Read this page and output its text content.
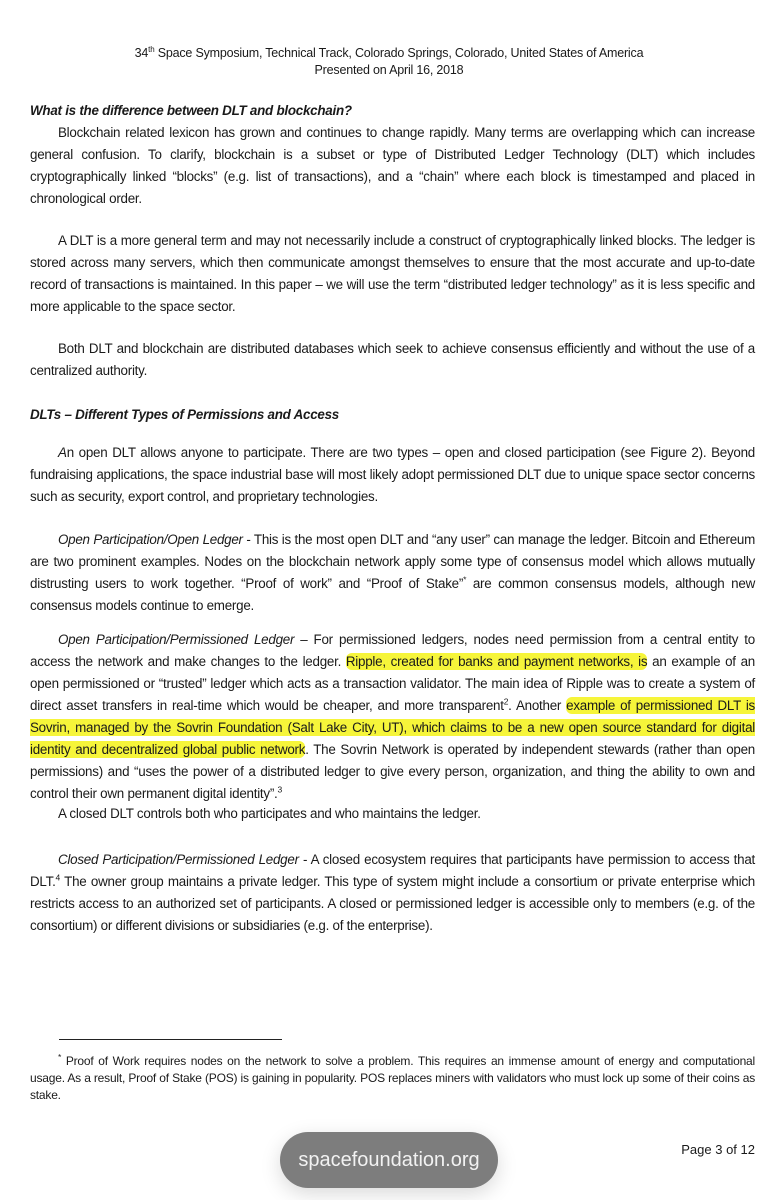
34th Space Symposium, Technical Track, Colorado Springs, Colorado, United States of America
Presented on April 16, 2018

What is the difference between DLT and blockchain?

Blockchain related lexicon has grown and continues to change rapidly. Many terms are overlapping which can increase general confusion. To clarify, blockchain is a subset or type of Distributed Ledger Technology (DLT) which includes cryptographically linked “blocks” (e.g. list of transactions), and a “chain” where each block is timestamped and placed in chronological order.

A DLT is a more general term and may not necessarily include a construct of cryptographically linked blocks. The ledger is stored across many servers, which then communicate amongst themselves to ensure that the most accurate and up-to-date record of transactions is maintained. In this paper – we will use the term “distributed ledger technology” as it is less specific and more applicable to the space sector.

Both DLT and blockchain are distributed databases which seek to achieve consensus efficiently and without the use of a centralized authority.

DLTs – Different Types of Permissions and Access

An open DLT allows anyone to participate. There are two types – open and closed participation (see Figure 2). Beyond fundraising applications, the space industrial base will most likely adopt permissioned DLT due to unique space sector concerns such as security, export control, and proprietary technologies.

Open Participation/Open Ledger - This is the most open DLT and “any user” can manage the ledger. Bitcoin and Ethereum are two prominent examples. Nodes on the blockchain network apply some type of consensus model which allows mutually distrusting users to work together. “Proof of work” and “Proof of Stake”* are common consensus models, although new consensus models continue to emerge.

Open Participation/Permissioned Ledger – For permissioned ledgers, nodes need permission from a central entity to access the network and make changes to the ledger. Ripple, created for banks and payment networks, is an example of an open permissioned or “trusted” ledger which acts as a transaction validator. The main idea of Ripple was to create a system of direct asset transfers in real-time which would be cheaper, and more transparent$^2$. Another example of permissioned DLT is Sovrin, managed by the Sovrin Foundation (Salt Lake City, UT), which claims to be a new open source standard for digital identity and decentralized global public network. The Sovrin Network is operated by independent stewards (rather than open permissions) and “uses the power of a distributed ledger to give every person, organization, and thing the ability to own and control their own permanent digital identity”.$^3$

A closed DLT controls both who participates and who maintains the ledger.

Closed Participation/Permissioned Ledger - A closed ecosystem requires that participants have permission to access that DLT.$^4$ The owner group maintains a private ledger. This type of system might include a consortium or private enterprise which restricts access to an authorized set of participants. A closed or permissioned ledger is accessible only to members (e.g. of the consortium) or different divisions or subsidiaries (e.g. of the enterprise).

* Proof of Work requires nodes on the network to solve a problem. This requires an immense amount of energy and computational usage. As a result, Proof of Stake (POS) is gaining in popularity. POS replaces miners with validators who must lock up some of their coins as stake.

spacefoundation.org	Page 3 of 12
